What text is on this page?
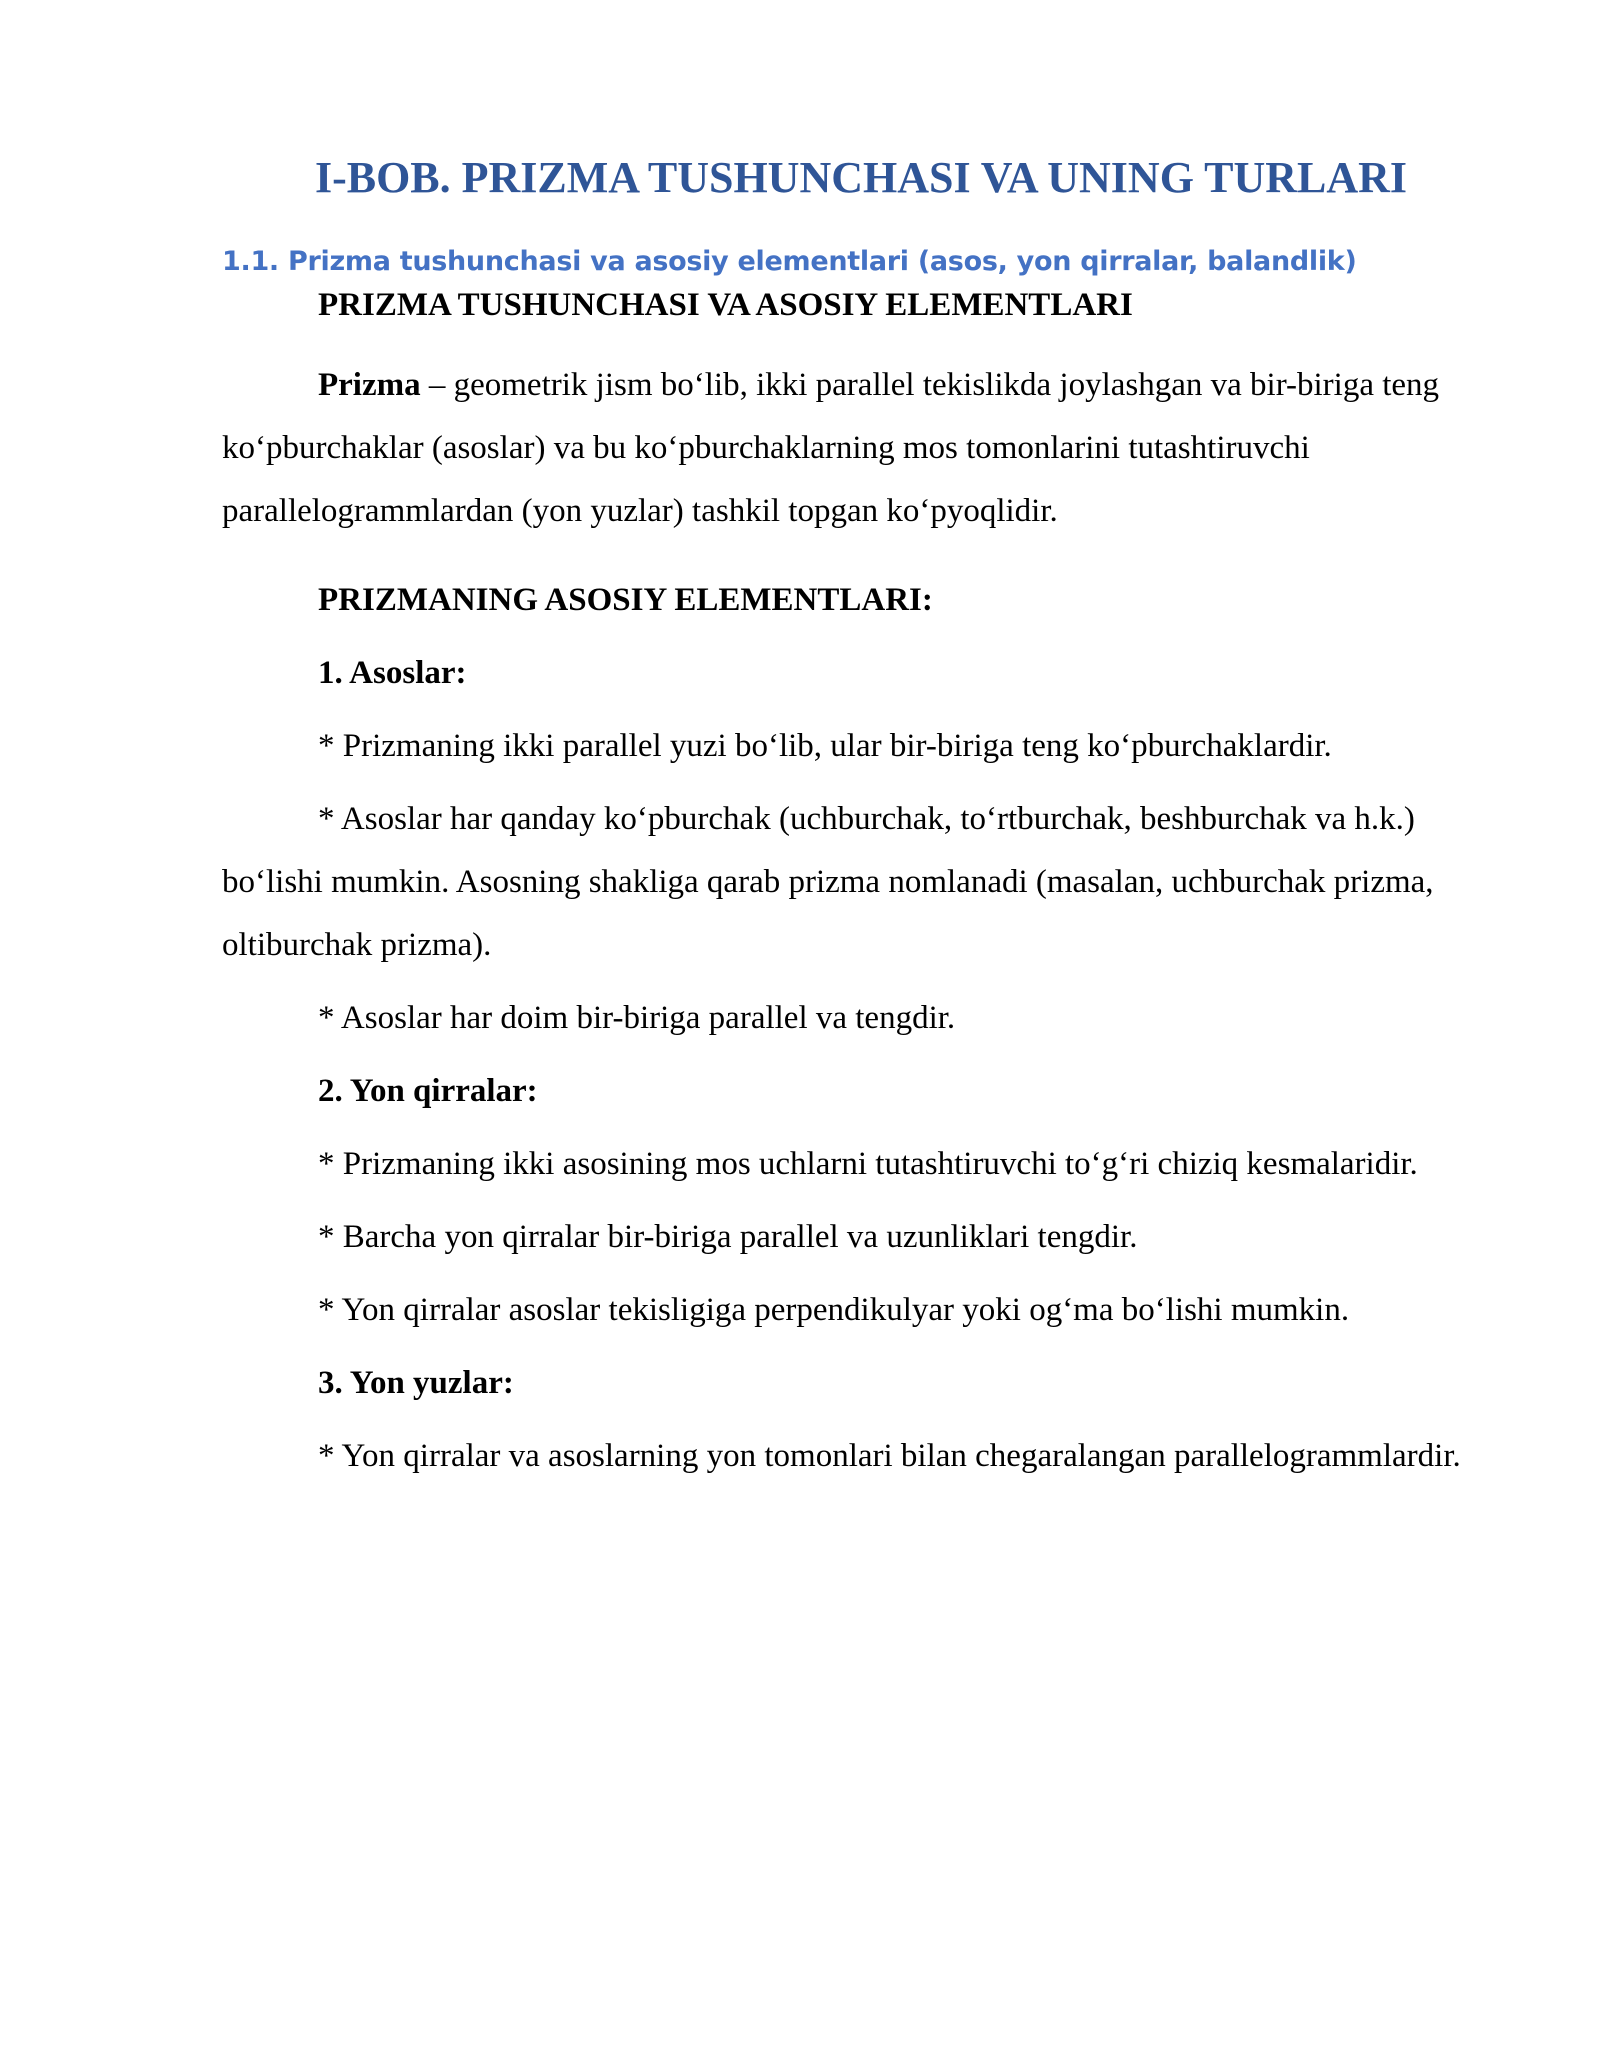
I-BOB. PRIZMA TUSHUNCHASI VA UNING TURLARI
1.1. Prizma tushunchasi va asosiy elementlari (asos, yon qirralar, balandlik)

PRIZMA TUSHUNCHASI VA ASOSIY ELEMENTLARI

Prizma – geometrik jism bo‘lib, ikki parallel tekislikda joylashgan va bir-biriga teng ko‘pburchaklar (asoslar) va bu ko‘pburchaklarning mos tomonlarini tutashtiruvchi parallelogrammlardan (yon yuzlar) tashkil topgan ko‘pyoqlidir.

PRIZMANING ASOSIY ELEMENTLARI:

1. Asoslar:

* Prizmaning ikki parallel yuzi bo‘lib, ular bir-biriga teng ko‘pburchaklardir.

* Asoslar har qanday ko‘pburchak (uchburchak, to‘rtburchak, beshburchak va h.k.) bo‘lishi mumkin. Asosning shakliga qarab prizma nomlanadi (masalan, uchburchak prizma, oltiburchak prizma).

* Asoslar har doim bir-biriga parallel va tengdir.

2. Yon qirralar:

* Prizmaning ikki asosining mos uchlarni tutashtiruvchi to‘g‘ri chiziq kesmalaridir.

* Barcha yon qirralar bir-biriga parallel va uzunliklari tengdir.

* Yon qirralar asoslar tekisligiga perpendikulyar yoki og‘ma bo‘lishi mumkin.

3. Yon yuzlar:

* Yon qirralar va asoslarning yon tomonlari bilan chegaralangan parallelogrammlardir.
